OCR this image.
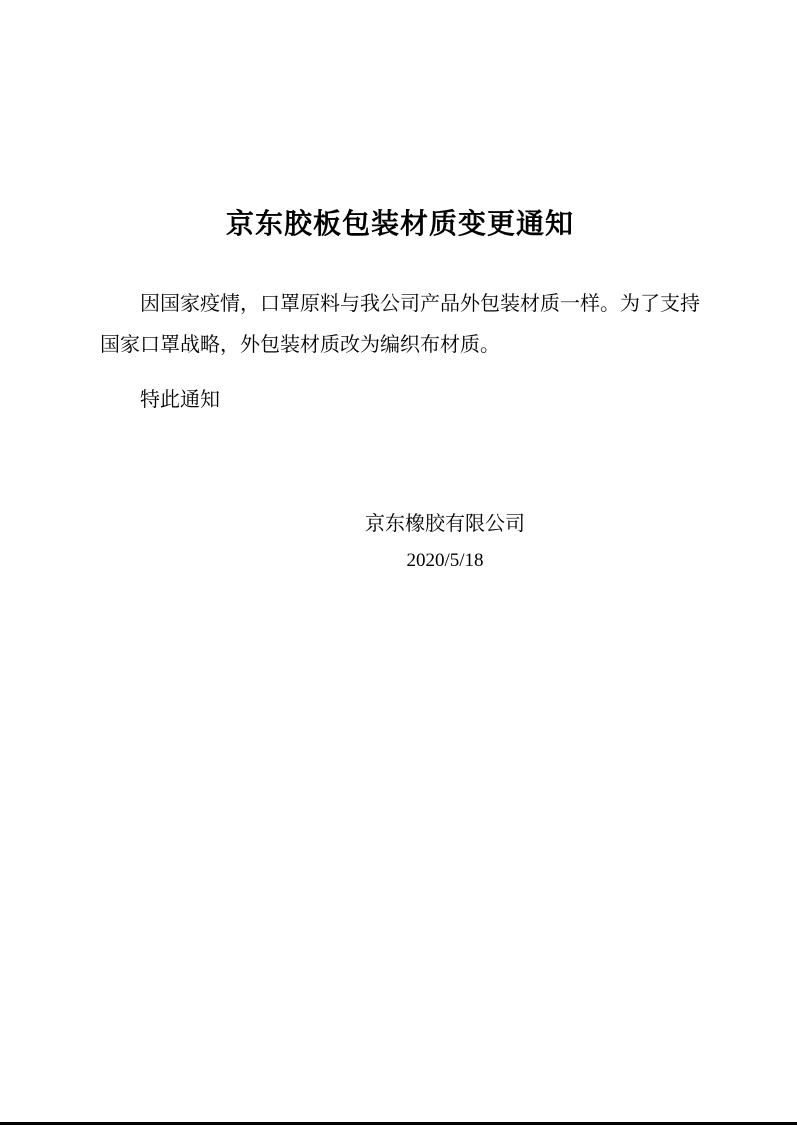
京东胶板包装材质变更通知

因国家疫情，口罩原料与我公司产品外包装材质一样。为了支持国家口罩战略，外包装材质改为编织布材质。

特此通知

京东橡胶有限公司

2020/5/18
